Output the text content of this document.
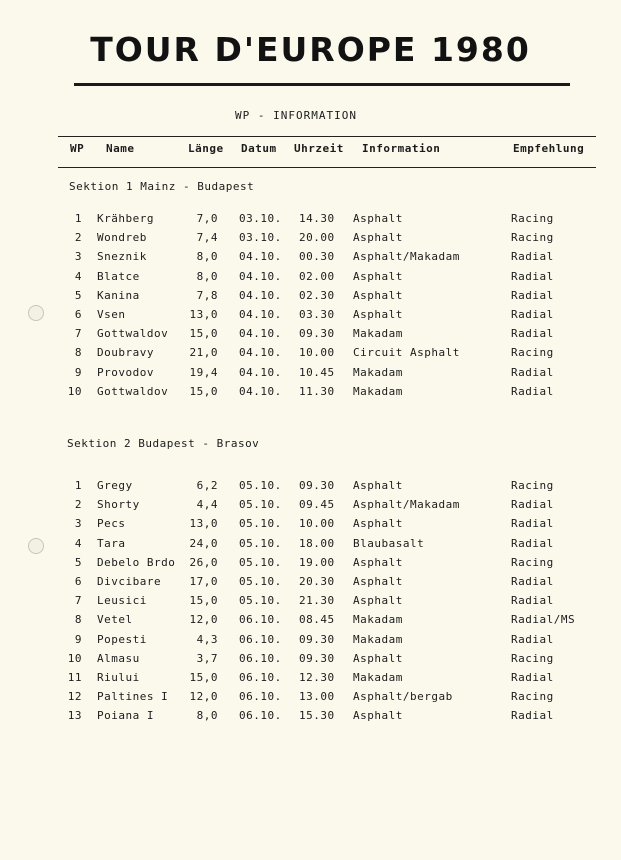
TOUR D'EUROPE 1980
WP - INFORMATION
WP Name	Länge Datum Uhrzeit Information	Empfehlung
Sektion 1 Mainz - Budapest
1 Krähberg	7,0 03.10. 14.30 Asphalt	Racing
2 Wondreb	7,4 03.10. 20.00 Asphalt	Racing
3 Sneznik	8,0 04.10. 00.30 Asphalt/Makadam	Radial
4 Blatce	8,0 04.10. 02.00 Asphalt	Radial
5 Kanina	7,8 04.10. 02.30 Asphalt	Radial
6 Vsen	13,0 04.10. 03.30 Asphalt	Radial
7 Gottwaldov	15,0 04.10. 09.30 Makadam	Radial
8 Doubravy	21,0 04.10. 10.00 Circuit Asphalt	Racing
9 Provodov	19,4 04.10. 10.45 Makadam	Radial
10 Gottwaldov	15,0 04.10. 11.30 Makadam	Radial
Sektion 2 Budapest - Brasov
1 Gregy	6,2 05.10. 09.30 Asphalt	Racing
2 Shorty	4,4 05.10. 09.45 Asphalt/Makadam	Radial
3 Pecs	13,0 05.10. 10.00 Asphalt	Radial
4 Tara	24,0 05.10. 18.00 Blaubasalt	Radial
5 Debelo Brdo	26,0 05.10. 19.00 Asphalt	Racing
6 Divcibare	17,0 05.10. 20.30 Asphalt	Radial
7 Leusici	15,0 05.10. 21.30 Asphalt	Radial
8 Vetel	12,0 06.10. 08.45 Makadam	Radial/MS
9 Popesti	4,3 06.10. 09.30 Makadam	Radial
10 Almasu	3,7 06.10. 09.30 Asphalt	Racing
11 Riului	15,0 06.10. 12.30 Makadam	Radial
12 Paltines I	12,0 06.10. 13.00 Asphalt/bergab	Racing
13 Poiana I	8,0 06.10. 15.30 Asphalt	Radial
